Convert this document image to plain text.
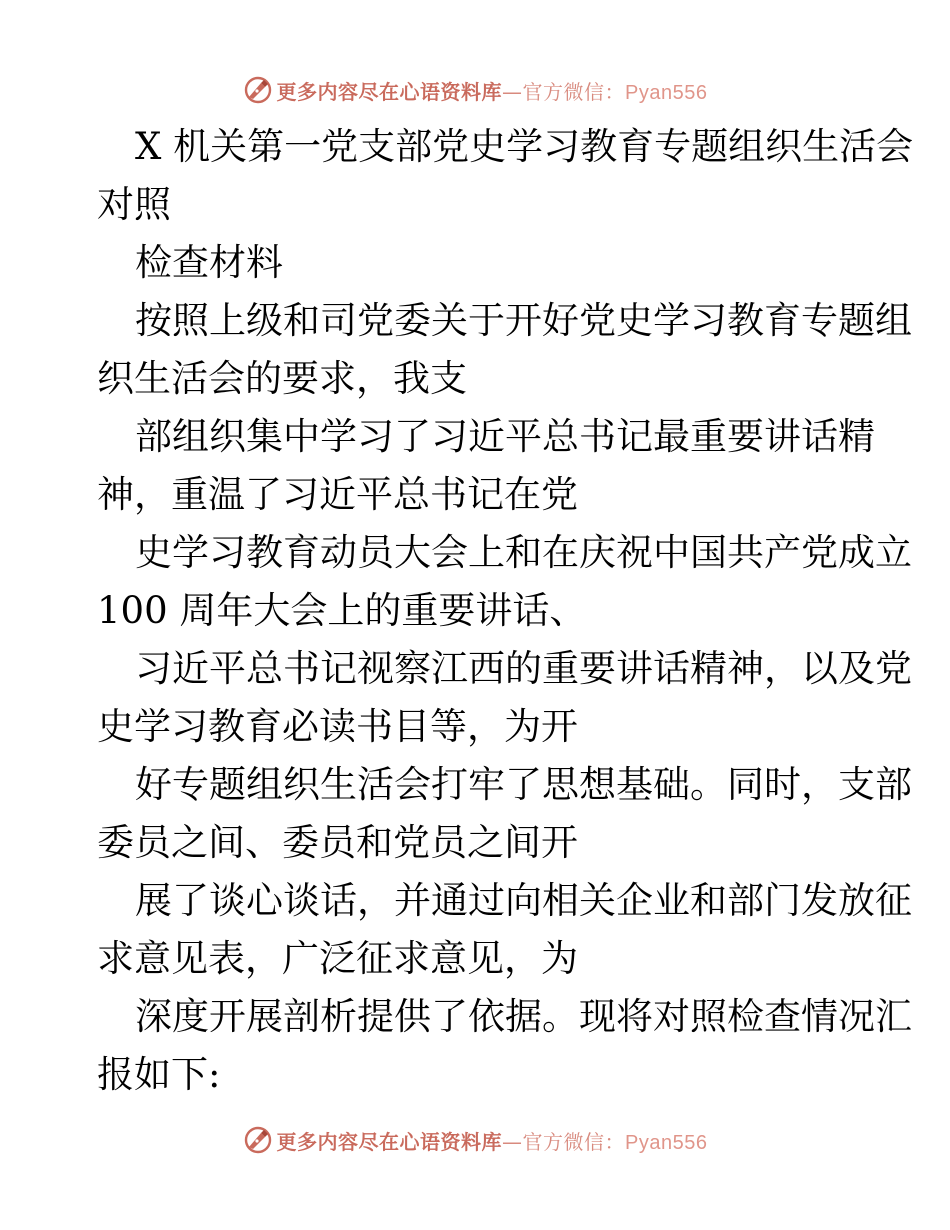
更多内容尽在心语资料库—官方微信：Pyan556
X 机关第一党支部党史学习教育专题组织生活会
对照
检查材料
按照上级和司党委关于开好党史学习教育专题组
织生活会的要求，我支
部组织集中学习了习近平总书记最重要讲话精
神，重温了习近平总书记在党
史学习教育动员大会上和在庆祝中国共产党成立
100 周年大会上的重要讲话、
习近平总书记视察江西的重要讲话精神，以及党
史学习教育必读书目等，为开
好专题组织生活会打牢了思想基础。同时，支部
委员之间、委员和党员之间开
展了谈心谈话，并通过向相关企业和部门发放征
求意见表，广泛征求意见，为
深度开展剖析提供了依据。现将对照检查情况汇
报如下:
更多内容尽在心语资料库—官方微信：Pyan556
